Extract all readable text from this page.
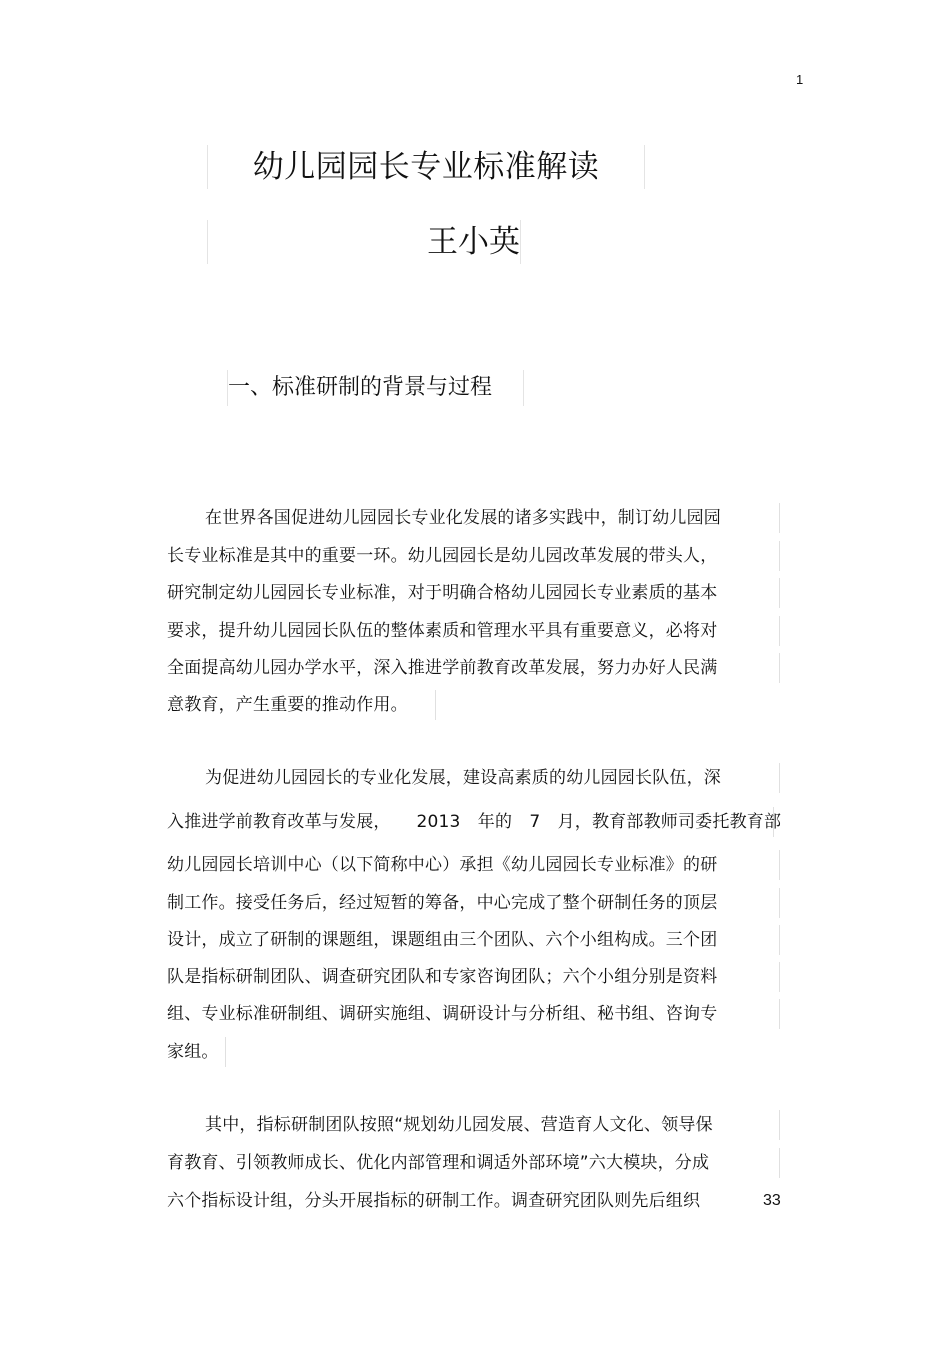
1
幼儿园园长专业标准解读
王小英
一、标准研制的背景与过程
在世界各国促进幼儿园园长专业化发展的诸多实践中，制订幼儿园园
长专业标准是其中的重要一环。幼儿园园长是幼儿园改革发展的带头人，
研究制定幼儿园园长专业标准，对于明确合格幼儿园园长专业素质的基本
要求，提升幼儿园园长队伍的整体素质和管理水平具有重要意义，必将对
全面提高幼儿园办学水平，深入推进学前教育改革发展，努力办好人民满
意教育，产生重要的推动作用。
为促进幼儿园园长的专业化发展，建设高素质的幼儿园园长队伍，深
入推进学前教育改革与发展，　　2013　年的　7　月，教育部教师司委托教育部
幼儿园园长培训中心（以下简称中心）承担《幼儿园园长专业标准》的研
制工作。接受任务后，经过短暂的筹备，中心完成了整个研制任务的顶层
设计，成立了研制的课题组，课题组由三个团队、六个小组构成。三个团
队是指标研制团队、调查研究团队和专家咨询团队；六个小组分别是资料
组、专业标准研制组、调研实施组、调研设计与分析组、秘书组、咨询专
家组。
其中，指标研制团队按照“规划幼儿园发展、营造育人文化、领导保
育教育、引领教师成长、优化内部管理和调适外部环境”六大模块，分成
六个指标设计组，分头开展指标的研制工作。调查研究团队则先后组织	33
